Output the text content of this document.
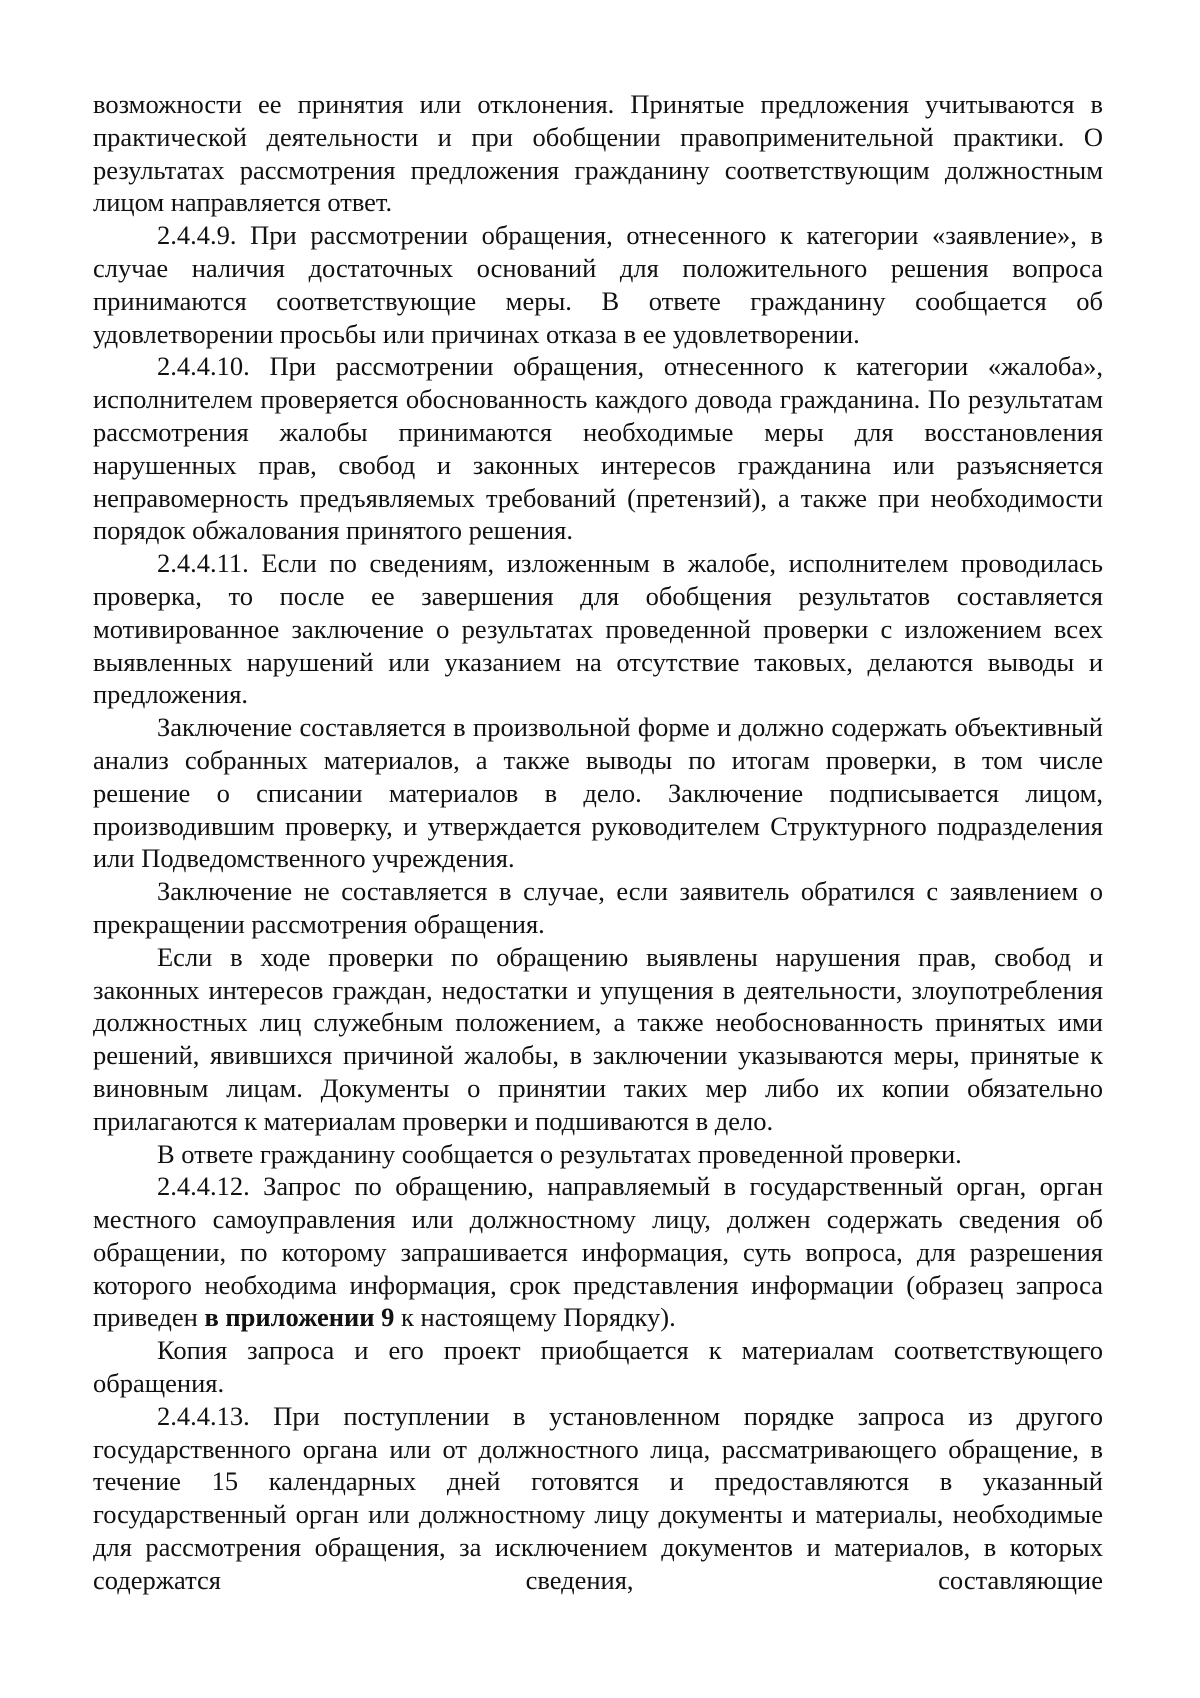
возможности ее принятия или отклонения. Принятые предложения учитываются в практической деятельности и при обобщении правоприменительной практики. О результатах рассмотрения предложения гражданину соответствующим должностным лицом направляется ответ.

2.4.4.9. При рассмотрении обращения, отнесенного к категории «заявление», в случае наличия достаточных оснований для положительного решения вопроса принимаются соответствующие меры. В ответе гражданину сообщается об удовлетворении просьбы или причинах отказа в ее удовлетворении.

2.4.4.10. При рассмотрении обращения, отнесенного к категории «жалоба», исполнителем проверяется обоснованность каждого довода гражданина. По результатам рассмотрения жалобы принимаются необходимые меры для восстановления нарушенных прав, свобод и законных интересов гражданина или разъясняется неправомерность предъявляемых требований (претензий), а также при необходимости порядок обжалования принятого решения.

2.4.4.11. Если по сведениям, изложенным в жалобе, исполнителем проводилась проверка, то после ее завершения для обобщения результатов составляется мотивированное заключение о результатах проведенной проверки с изложением всех выявленных нарушений или указанием на отсутствие таковых, делаются выводы и предложения.

Заключение составляется в произвольной форме и должно содержать объективный анализ собранных материалов, а также выводы по итогам проверки, в том числе решение о списании материалов в дело. Заключение подписывается лицом, производившим проверку, и утверждается руководителем Структурного подразделения или Подведомственного учреждения.

Заключение не составляется в случае, если заявитель обратился с заявлением о прекращении рассмотрения обращения.

Если в ходе проверки по обращению выявлены нарушения прав, свобод и законных интересов граждан, недостатки и упущения в деятельности, злоупотребления должностных лиц служебным положением, а также необоснованность принятых ими решений, явившихся причиной жалобы, в заключении указываются меры, принятые к виновным лицам. Документы о принятии таких мер либо их копии обязательно прилагаются к материалам проверки и подшиваются в дело.

В ответе гражданину сообщается о результатах проведенной проверки.

2.4.4.12. Запрос по обращению, направляемый в государственный орган, орган местного самоуправления или должностному лицу, должен содержать сведения об обращении, по которому запрашивается информация, суть вопроса, для разрешения которого необходима информация, срок представления информации (образец запроса приведен в приложении 9 к настоящему Порядку).

Копия запроса и его проект приобщается к материалам соответствующего обращения.

2.4.4.13. При поступлении в установленном порядке запроса из другого государственного органа или от должностного лица, рассматривающего обращение, в течение 15 календарных дней готовятся и предоставляются в указанный государственный орган или должностному лицу документы и материалы, необходимые для рассмотрения обращения, за исключением документов и материалов, в которых содержатся сведения, составляющие
